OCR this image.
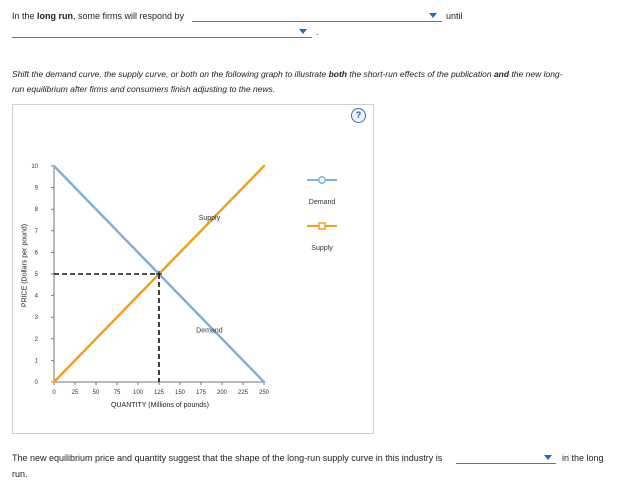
In the long run, some firms will respond by	until
.
Shift the demand curve, the supply curve, or both on the following graph to illustrate both the short-run effects of the publication and the new long-
run equilibrium after firms and consumers finish adjusting to the news.
?
0
1
2
3
4
5
6
7
8
9
10
0	25 50 75 100 125 150 175 200 225 250
Supply
Demand
Demand
Supply
PRICE (Dollars per pound)
QUANTITY (Millions of pounds)
The new equilibrium price and quantity suggest that the shape of the long-run supply curve in this industry is	in the long
run.
